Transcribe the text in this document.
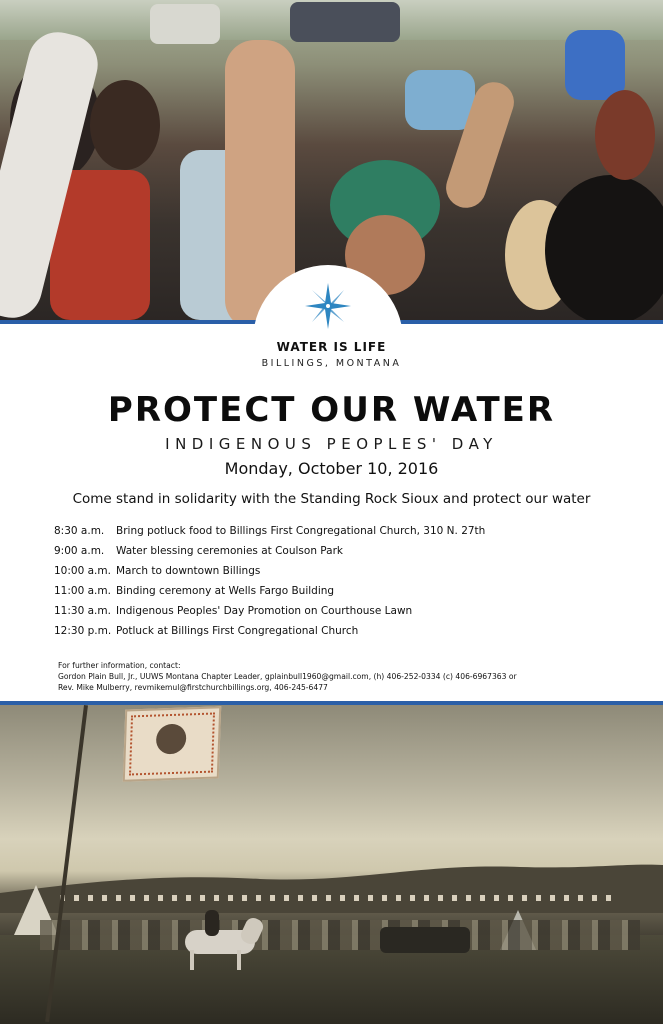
WATER IS LIFE
BILLINGS, MONTANA
PROTECT OUR WATER
INDIGENOUS PEOPLES' DAY
Monday, October 10, 2016
Come stand in solidarity with the Standing Rock Sioux and protect our water
8:30 a.m. Bring potluck food to Billings First Congregational Church, 310 N. 27th
9:00 a.m. Water blessing ceremonies at Coulson Park
10:00 a.m. March to downtown Billings
11:00 a.m. Binding ceremony at Wells Fargo Building
11:30 a.m. Indigenous Peoples' Day Promotion on Courthouse Lawn
12:30 p.m. Potluck at Billings First Congregational Church
For further information, contact:
Gordon Plain Bull, Jr., UUWS Montana Chapter Leader, gplainbull1960@gmail.com, (h) 406-252-0334 (c) 406-6967363 or
Rev. Mike Mulberry, revmikemul@firstchurchbillings.org, 406-245-6477
